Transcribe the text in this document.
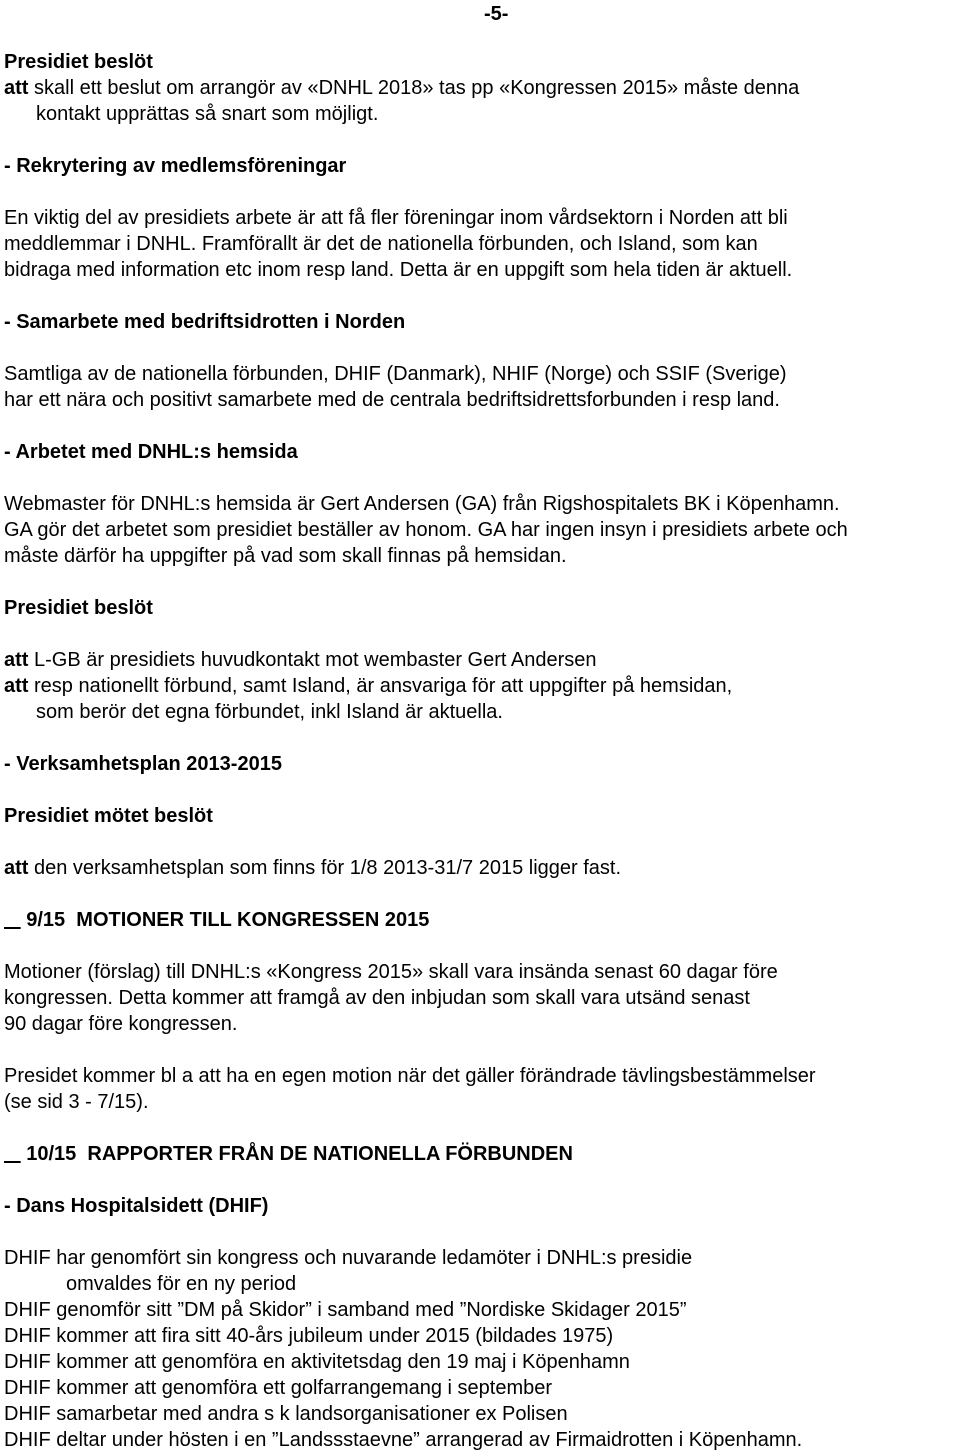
-5-
Presidiet beslöt
att skall ett beslut om arrangör av «DNHL 2018» tas pp «Kongressen 2015» måste denna
kontakt upprättas så snart som möjligt.
- Rekrytering av medlemsföreningar
En viktig del av presidiets arbete är att få fler föreningar inom vårdsektorn i Norden att bli
meddlemmar i DNHL. Framförallt är det de nationella förbunden, och Island, som kan
bidraga med information etc inom resp land. Detta är en uppgift som hela tiden är aktuell.
- Samarbete med bedriftsidrotten i Norden
Samtliga av de nationella förbunden, DHIF (Danmark), NHIF (Norge) och SSIF (Sverige)
har ett nära och positivt samarbete med de centrala bedriftsidrettsforbunden i resp land.
- Arbetet med DNHL:s hemsida
Webmaster för DNHL:s hemsida är Gert Andersen (GA) från Rigshospitalets BK i Köpenhamn.
GA gör det arbetet som presidiet beställer av honom. GA har ingen insyn i presidiets arbete och
måste därför ha uppgifter på vad som skall finnas på hemsidan.
Presidiet beslöt
att L-GB är presidiets huvudkontakt mot wembaster Gert Andersen
att resp nationellt förbund, samt Island, är ansvariga för att uppgifter på hemsidan,
som berör det egna förbundet, inkl Island är aktuella.
- Verksamhetsplan 2013-2015
Presidiet mötet beslöt
att den verksamhetsplan som finns för 1/8 2013-31/7 2015 ligger fast.
9/15 MOTIONER TILL KONGRESSEN 2015
Motioner (förslag) till DNHL:s «Kongress 2015» skall vara insända senast 60 dagar före
kongressen. Detta kommer att framgå av den inbjudan som skall vara utsänd senast
90 dagar före kongressen.
Presidet kommer bl a att ha en egen motion när det gäller förändrade tävlingsbestämmelser
(se sid 3 - 7/15).
10/15 RAPPORTER FRÅN DE NATIONELLA FÖRBUNDEN
- Dans Hospitalsidett (DHIF)
DHIF har genomfört sin kongress och nuvarande ledamöter i DNHL:s presidie
omvaldes för en ny period
DHIF genomför sitt ”DM på Skidor” i samband med ”Nordiske Skidager 2015”
DHIF kommer att fira sitt 40-års jubileum under 2015 (bildades 1975)
DHIF kommer att genomföra en aktivitetsdag den 19 maj i Köpenhamn
DHIF kommer att genomföra ett golfarrangemang i september
DHIF samarbetar med andra s k landsorganisationer ex Polisen
DHIF deltar under hösten i en ”Landssstaevne” arrangerad av Firmaidrotten i Köpenhamn.
